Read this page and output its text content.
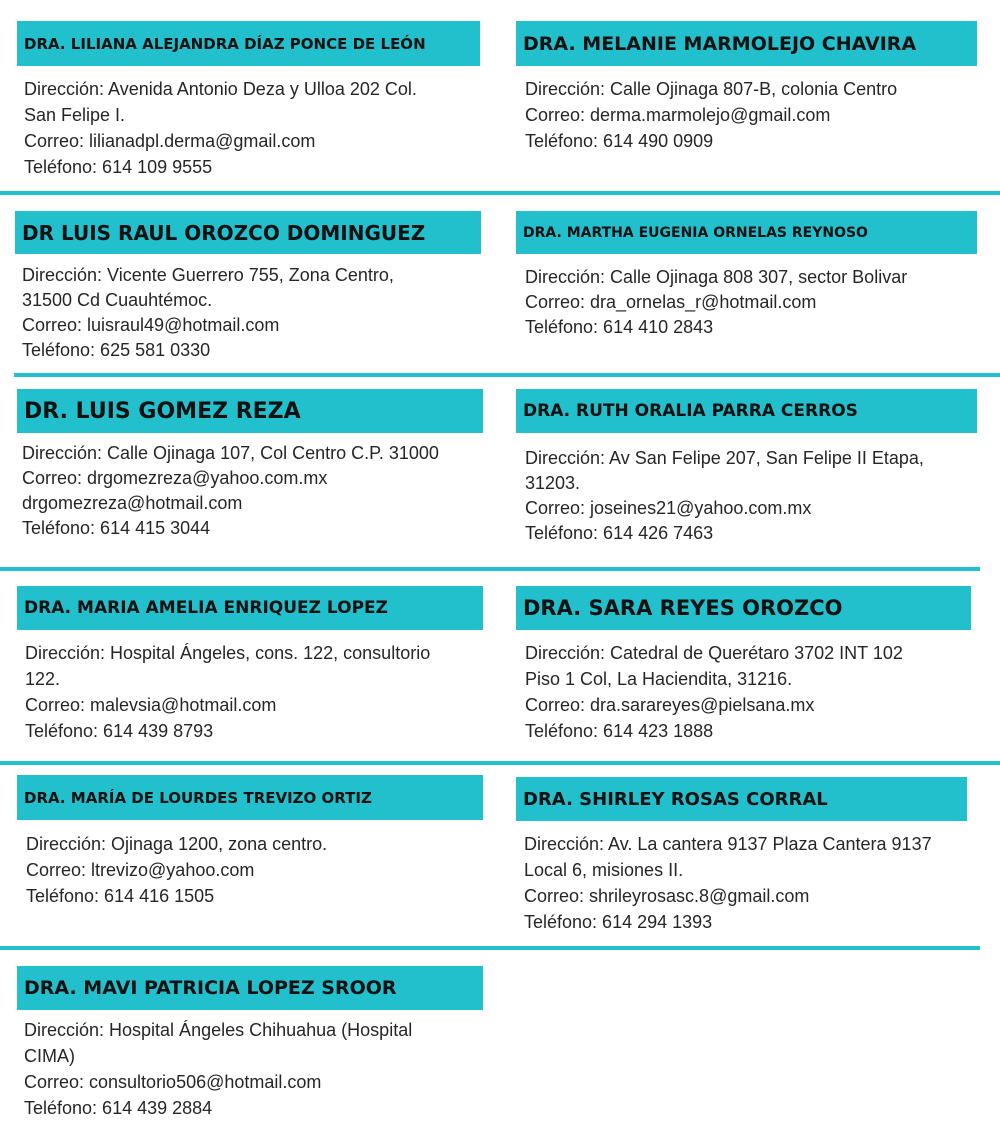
DRA. LILIANA ALEJANDRA DÍAZ PONCE DE LEÓN
Dirección: Avenida Antonio Deza y Ulloa 202 Col.
San Felipe I.
Correo: lilianadpl.derma@gmail.com
Teléfono: 614 109 9555
DRA. MELANIE MARMOLEJO CHAVIRA
Dirección: Calle Ojinaga 807-B, colonia Centro
Correo: derma.marmolejo@gmail.com
Teléfono: 614 490 0909
DR LUIS RAUL OROZCO DOMINGUEZ
Dirección: Vicente Guerrero 755, Zona Centro,
31500 Cd Cuauhtémoc.
Correo: luisraul49@hotmail.com
Teléfono: 625 581 0330
DRA. MARTHA EUGENIA ORNELAS REYNOSO
Dirección: Calle Ojinaga 808 307, sector Bolivar
Correo: dra_ornelas_r@hotmail.com
Teléfono: 614 410 2843
DR. LUIS GOMEZ REZA
Dirección: Calle Ojinaga 107, Col Centro C.P. 31000
Correo: drgomezreza@yahoo.com.mx
drgomezreza@hotmail.com
Teléfono: 614 415 3044
DRA. RUTH ORALIA PARRA CERROS
Dirección: Av San Felipe 207, San Felipe II Etapa,
31203.
Correo: joseines21@yahoo.com.mx
Teléfono: 614 426 7463
DRA. MARIA AMELIA ENRIQUEZ LOPEZ
Dirección: Hospital Ángeles, cons. 122, consultorio
122.
Correo: malevsia@hotmail.com
Teléfono: 614 439 8793
DRA. SARA REYES OROZCO
Dirección: Catedral de Querétaro 3702 INT 102
Piso 1 Col, La Haciendita, 31216.
Correo: dra.sarareyes@pielsana.mx
Teléfono: 614 423 1888
DRA. MARÍA DE LOURDES TREVIZO ORTIZ
Dirección: Ojinaga 1200, zona centro.
Correo: ltrevizo@yahoo.com
Teléfono: 614 416 1505
DRA. SHIRLEY ROSAS CORRAL
Dirección: Av. La cantera 9137 Plaza Cantera 9137
Local 6, misiones II.
Correo: shrileyrosasc.8@gmail.com
Teléfono: 614 294 1393
DRA. MAVI PATRICIA LOPEZ SROOR
Dirección: Hospital Ángeles Chihuahua (Hospital
CIMA)
Correo: consultorio506@hotmail.com
Teléfono: 614 439 2884
